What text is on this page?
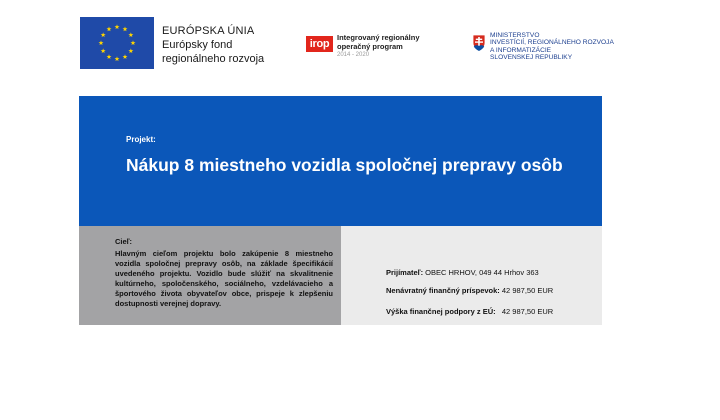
EURÓPSKA ÚNIA
Európsky fond
regionálneho rozvoja
irop
Integrovaný regionálny
operačný program
2014 - 2020
MINISTERSTVO
INVESTÍCIÍ, REGIONÁLNEHO ROZVOJA
A INFORMATIZÁCIE
SLOVENSKEJ REPUBLIKY
Projekt:
Nákup 8 miestneho vozidla spoločnej prepravy osôb
Cieľ:
Hlavným cieľom projektu bolo zakúpenie 8 miestneho vozidla spoločnej prepravy osôb, na základe špecifikácií uvedeného projektu. Vozidlo bude slúžiť na skvalitnenie kultúrneho, spoločenského, sociálneho, vzdelávacieho a športového života obyvateľov obce, prispeje k zlepšeniu dostupnosti verejnej dopravy.
Prijímateľ: OBEC HRHOV, 049 44 Hrhov 363
Nenávratný finančný príspevok: 42 987,50 EUR
Výška finančnej podpory z EÚ: 42 987,50 EUR
